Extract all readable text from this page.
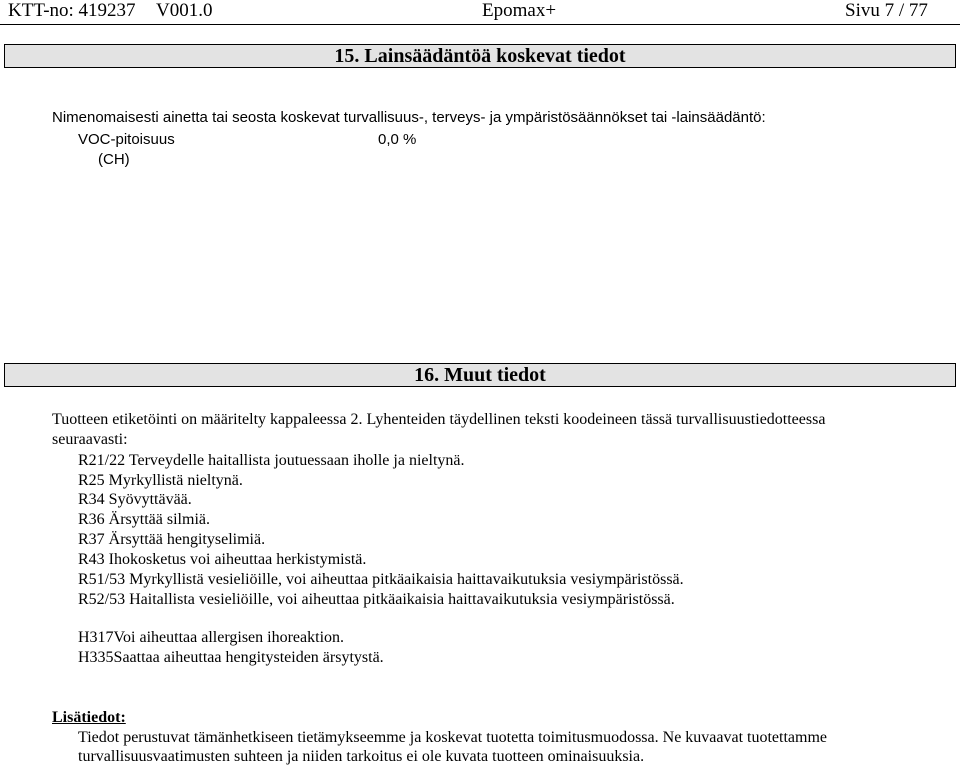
KTT-no: 419237 V001.0	Epomax+	Sivu 7 / 77
15. Lainsäädäntöä koskevat tiedot
Nimenomaisesti ainetta tai seosta koskevat turvallisuus-, terveys- ja ympäristösäännökset tai -lainsäädäntö:
VOC-pitoisuus	0,0 %
(CH)
16. Muut tiedot
Tuotteen etiketöinti on määritelty kappaleessa 2. Lyhenteiden täydellinen teksti koodeineen tässä turvallisuustiedotteessa
seuraavasti:
R21/22 Terveydelle haitallista joutuessaan iholle ja nieltynä.
R25 Myrkyllistä nieltynä.
R34 Syövyttävää.
R36 Ärsyttää silmiä.
R37 Ärsyttää hengityselimiä.
R43 Ihokosketus voi aiheuttaa herkistymistä.
R51/53 Myrkyllistä vesieliöille, voi aiheuttaa pitkäaikaisia haittavaikutuksia vesiympäristössä.
R52/53 Haitallista vesieliöille, voi aiheuttaa pitkäaikaisia haittavaikutuksia vesiympäristössä.
H317Voi aiheuttaa allergisen ihoreaktion.
H335Saattaa aiheuttaa hengitysteiden ärsytystä.
Lisätiedot:
Tiedot perustuvat tämänhetkiseen tietämykseemme ja koskevat tuotetta toimitusmuodossa. Ne kuvaavat tuotettamme
turvallisuusvaatimusten suhteen ja niiden tarkoitus ei ole kuvata tuotteen ominaisuuksia.
